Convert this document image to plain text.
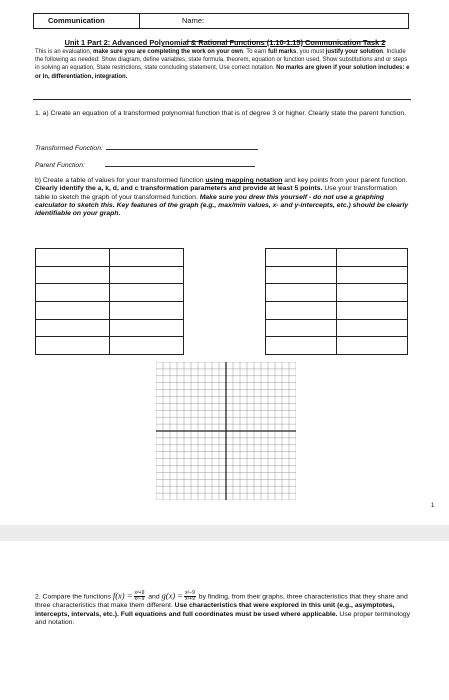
Communication	Name:
Unit 1 Part 2: Advanced Polynomial & Rational Functions (1.10-1.15) Communication Task 2
This is an evaluation, make sure you are completing the work on your own. To earn full marks, you must justify your solution. Include the following as needed: Show diagram, define variables, state formula, theorem, equation or function used, Show substitutions and or steps in solving an equation, State restrictions, state concluding statement, Use correct notation. No marks are given if your solution includes: e or ln, differentiation, integration.
1. a) Create an equation of a transformed polynomial function that is of degree 3 or higher. Clearly state the parent function.
Transformed Function:
Parent Function:
b) Create a table of values for your transformed function using mapping notation and key points from your parent function. Clearly identify the a, k, d, and c transformation parameters and provide at least 5 points. Use your transformation table to sketch the graph of your transformed function. Make sure you drew this yourself - do not use a graphing calculator to sketch this. Key features of the graph (e.g., max/min values, x- and y-intercepts, etc.) should be clearly identifiable on your graph.

1
2. Compare the functions $f(x) = \frac{\text{x²+9}}{\text{x²−9}}$ and $g(x) = \frac{\text{x²−9}}{\text{x²+9}}$ by finding, from their graphs, three characteristics that they share and three characteristics that make them different. Use characteristics that were explored in this unit (e.g., asymptotes, intercepts, intervals, etc.). Full equations and full coordinates must be used where applicable. Use proper terminology and notation.
